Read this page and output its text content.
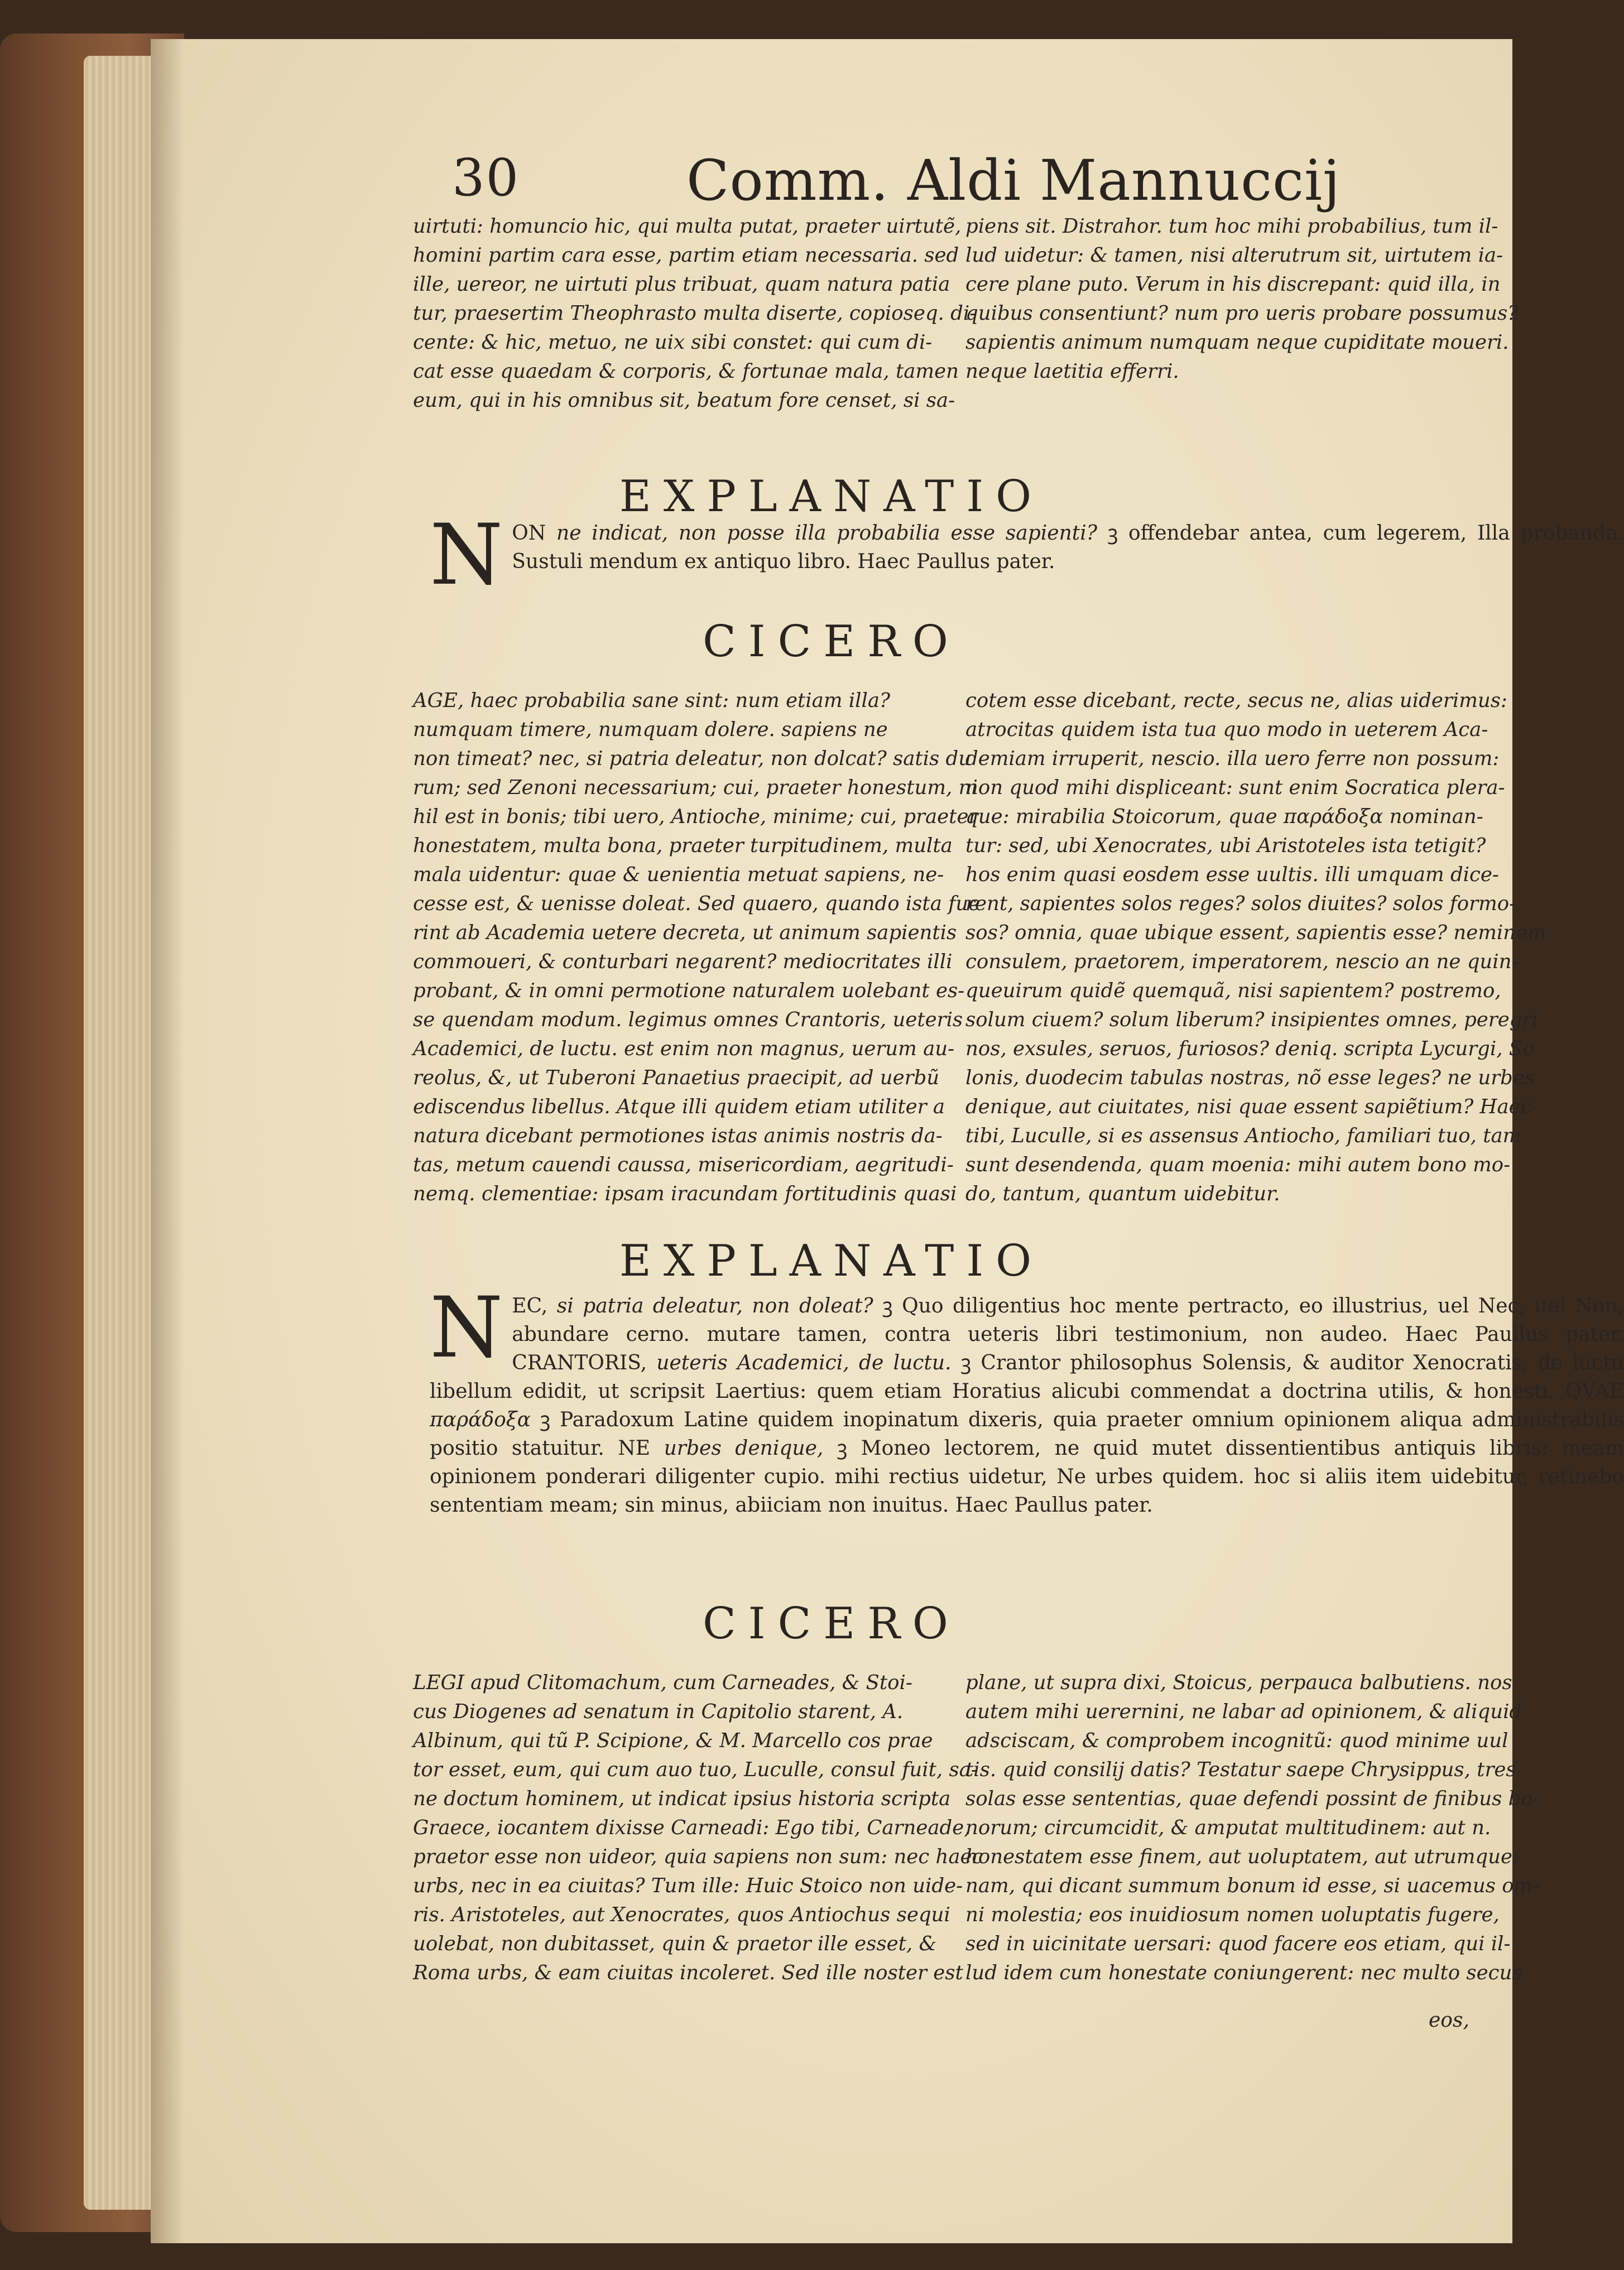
30	Comm. Aldi Mannuccij
uirtuti: homuncio hic, qui multa putat, praeter uirtutẽ,
homini partim cara esse, partim etiam necessaria. sed
ille, uereor, ne uirtuti plus tribuat, quam natura patia
tur, praesertim Theophrasto multa diserte, copioseq. di-
cente: & hic, metuo, ne uix sibi constet: qui cum di-
cat esse quaedam & corporis, & fortunae mala, tamen
eum, qui in his omnibus sit, beatum fore censet, si sa-
piens sit. Distrahor. tum hoc mihi probabilius, tum il-
lud uidetur: & tamen, nisi alterutrum sit, uirtutem ia-
cere plane puto. Verum in his discrepant: quid illa, in
quibus consentiunt? num pro ueris probare possumus?
sapientis animum numquam neque cupiditate moueri.
neque laetitia efferri.
EXPLANATIO
NON ne indicat, non posse illa probabilia esse sapienti? ꝫ offendebar antea, cum legerem, Illa probanda. Sustuli mendum ex antiquo libro. Haec Paullus pater.
CICERO
AGE, haec probabilia sane sint: num etiam illa?
numquam timere, numquam dolere. sapiens ne
non timeat? nec, si patria deleatur, non dolcat? satis du
rum; sed Zenoni necessarium; cui, praeter honestum, ni
hil est in bonis; tibi uero, Antioche, minime; cui, praeter
honestatem, multa bona, praeter turpitudinem, multa
mala uidentur: quae & uenientia metuat sapiens, ne-
cesse est, & uenisse doleat. Sed quaero, quando ista fue
rint ab Academia uetere decreta, ut animum sapientis
commoueri, & conturbari negarent? mediocritates illi
probant, & in omni permotione naturalem uolebant es-
se quendam modum. legimus omnes Crantoris, ueteris
Academici, de luctu. est enim non magnus, uerum au-
reolus, &, ut Tuberoni Panaetius praecipit, ad uerbũ
ediscendus libellus. Atque illi quidem etiam utiliter a
natura dicebant permotiones istas animis nostris da-
tas, metum cauendi caussa, misericordiam, aegritudi-
nemq. clementiae: ipsam iracundam fortitudinis quasi
cotem esse dicebant, recte, secus ne, alias uiderimus:
atrocitas quidem ista tua quo modo in ueterem Aca-
demiam irruperit, nescio. illa uero ferre non possum:
non quod mihi displiceant: sunt enim Socratica plera-
que: mirabilia Stoicorum, quae παράδοξα nominan-
tur: sed, ubi Xenocrates, ubi Aristoteles ista tetigit?
hos enim quasi eosdem esse uultis. illi umquam dice-
rent, sapientes solos reges? solos diuites? solos formo-
sos? omnia, quae ubique essent, sapientis esse? neminem
consulem, praetorem, imperatorem, nescio an ne quin-
queuirum quidẽ quemquã, nisi sapientem? postremo,
solum ciuem? solum liberum? insipientes omnes, peregri
nos, exsules, seruos, furiosos? deniq. scripta Lycurgi, So
lonis, duodecim tabulas nostras, nõ esse leges? ne urbes
denique, aut ciuitates, nisi quae essent sapiẽtium? Haec
tibi, Luculle, si es assensus Antiocho, familiari tuo, tam
sunt desendenda, quam moenia: mihi autem bono mo-
do, tantum, quantum uidebitur.
EXPLANATIO
NEC, si patria deleatur, non doleat? ꝫ Quo diligentius hoc mente pertracto, eo illustrius, uel Nec, uel Non, abundare cerno. mutare tamen, contra ueteris libri testimonium, non audeo. Haec Paullus pater. CRANTORIS, ueteris Academici, de luctu. ꝫ Crantor philosophus Solensis, & auditor Xenocratis, de luctu libellum edidit, ut scripsit Laertius: quem etiam Horatius alicubi commendat a doctrina utilis, & honesti. QVAE παράδοξα ꝫ Paradoxum Latine quidem inopinatum dixeris, quia praeter omnium opinionem aliqua administrabilis positio statuitur. NE urbes denique, ꝫ Moneo lectorem, ne quid mutet dissentientibus antiquis libris: meam opinionem ponderari diligenter cupio. mihi rectius uidetur, Ne urbes quidem. hoc si aliis item uidebitur, retinebo sententiam meam; sin minus, abiiciam non inuitus. Haec Paullus pater.
CICERO
LEGI apud Clitomachum, cum Carneades, & Stoi-
cus Diogenes ad senatum in Capitolio starent, A.
Albinum, qui tũ P. Scipione, & M. Marcello cos prae
tor esset, eum, qui cum auo tuo, Luculle, consul fuit, sa-
ne doctum hominem, ut indicat ipsius historia scripta
Graece, iocantem dixisse Carneadi: Ego tibi, Carneade,
praetor esse non uideor, quia sapiens non sum: nec haec
urbs, nec in ea ciuitas? Tum ille: Huic Stoico non uide-
ris. Aristoteles, aut Xenocrates, quos Antiochus sequi
uolebat, non dubitasset, quin & praetor ille esset, &
Roma urbs, & eam ciuitas incoleret. Sed ille noster est
plane, ut supra dixi, Stoicus, perpauca balbutiens. nos
autem mihi uerernini, ne labar ad opinionem, & aliquid
adsciscam, & comprobem incognitũ: quod minime uul
tis. quid consilij datis? Testatur saepe Chrysippus, tres
solas esse sententias, quae defendi possint de finibus bo-
norum; circumcidit, & amputat multitudinem: aut n.
honestatem esse finem, aut uoluptatem, aut utrumque:
nam, qui dicant summum bonum id esse, si uacemus om-
ni molestia; eos inuidiosum nomen uoluptatis fugere,
sed in uicinitate uersari: quod facere eos etiam, qui il-
lud idem cum honestate coniungerent: nec multo secus
eos,
